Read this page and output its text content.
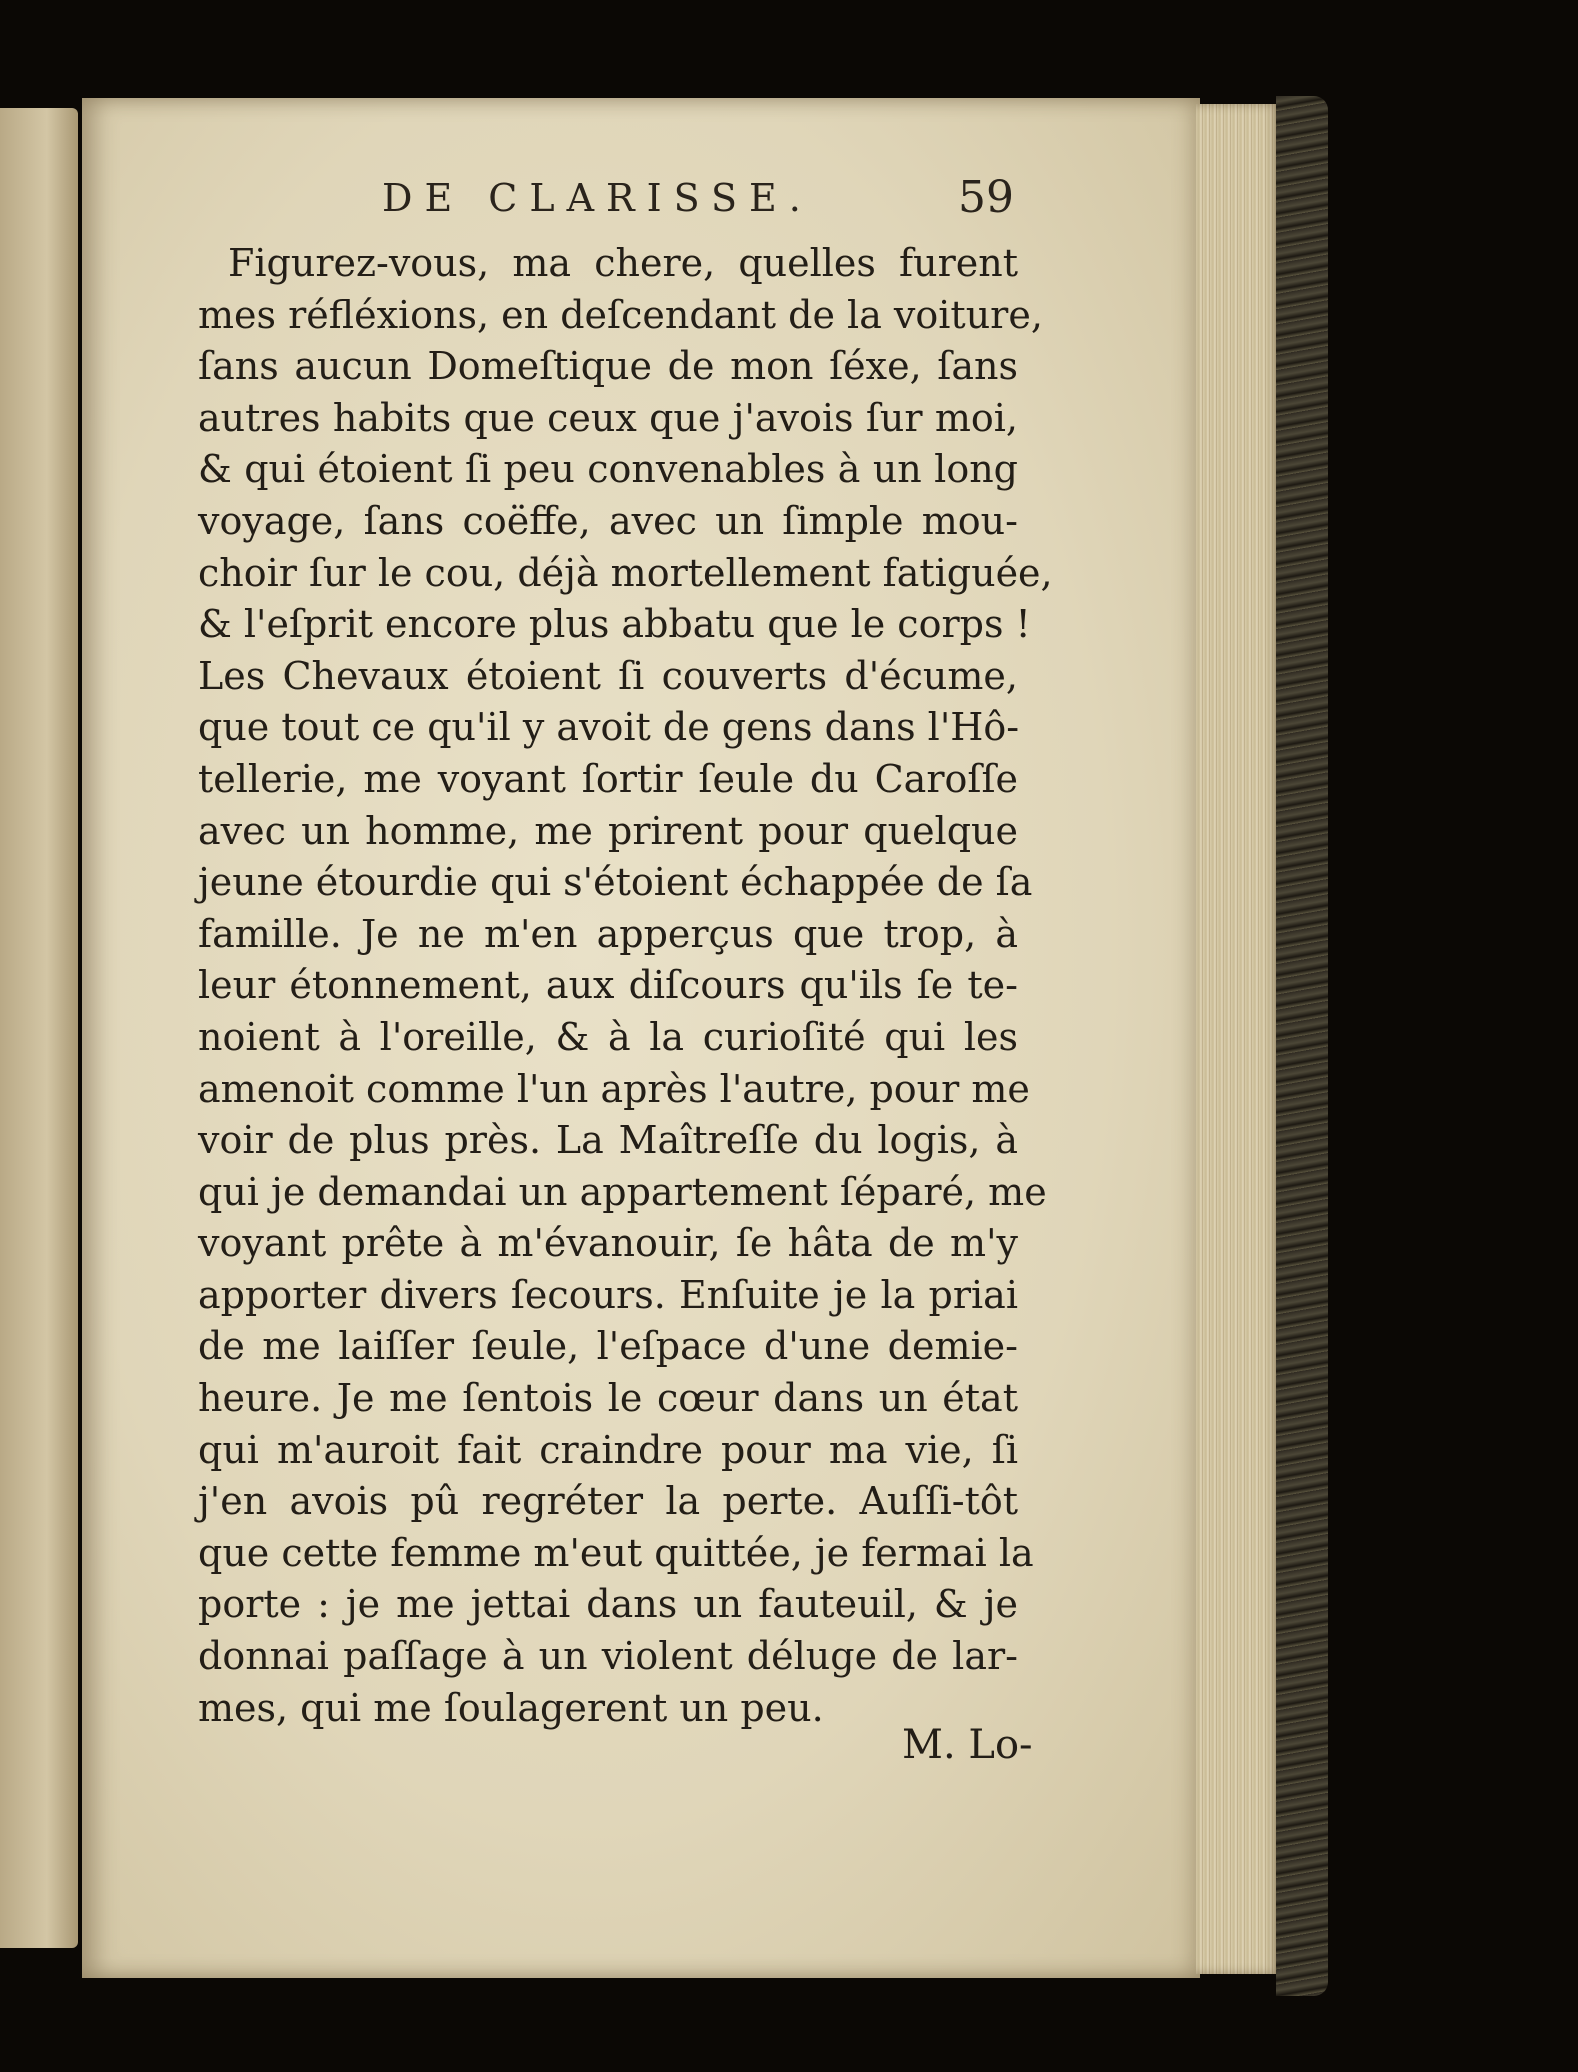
DE CLARISSE.	59
Figurez-vous, ma chere, quelles furent
mes réfléxions, en deſcendant de la voiture,
ſans aucun Domeſtique de mon ſéxe, ſans
autres habits que ceux que j'avois ſur moi,
& qui étoient ſi peu convenables à un long
voyage, ſans coëffe, avec un ſimple mou-
choir ſur le cou, déjà mortellement fatiguée,
& l'eſprit encore plus abbatu que le corps !
Les Chevaux étoient ſi couverts d'écume,
que tout ce qu'il y avoit de gens dans l'Hô-
tellerie, me voyant ſortir ſeule du Caroſſe
avec un homme, me prirent pour quelque
jeune étourdie qui s'étoient échappée de ſa
famille. Je ne m'en apperçus que trop, à
leur étonnement, aux diſcours qu'ils ſe te-
noient à l'oreille, & à la curioſité qui les
amenoit comme l'un après l'autre, pour me
voir de plus près. La Maîtreſſe du logis, à
qui je demandai un appartement ſéparé, me
voyant prête à m'évanouir, ſe hâta de m'y
apporter divers ſecours. Enſuite je la priai
de me laiſſer ſeule, l'eſpace d'une demie-
heure. Je me ſentois le cœur dans un état
qui m'auroit fait craindre pour ma vie, ſi
j'en avois pû regréter la perte. Auſſi-tôt
que cette femme m'eut quittée, je fermai la
porte : je me jettai dans un fauteuil, & je
donnai paſſage à un violent déluge de lar-
mes, qui me ſoulagerent un peu.
M. Lo-
